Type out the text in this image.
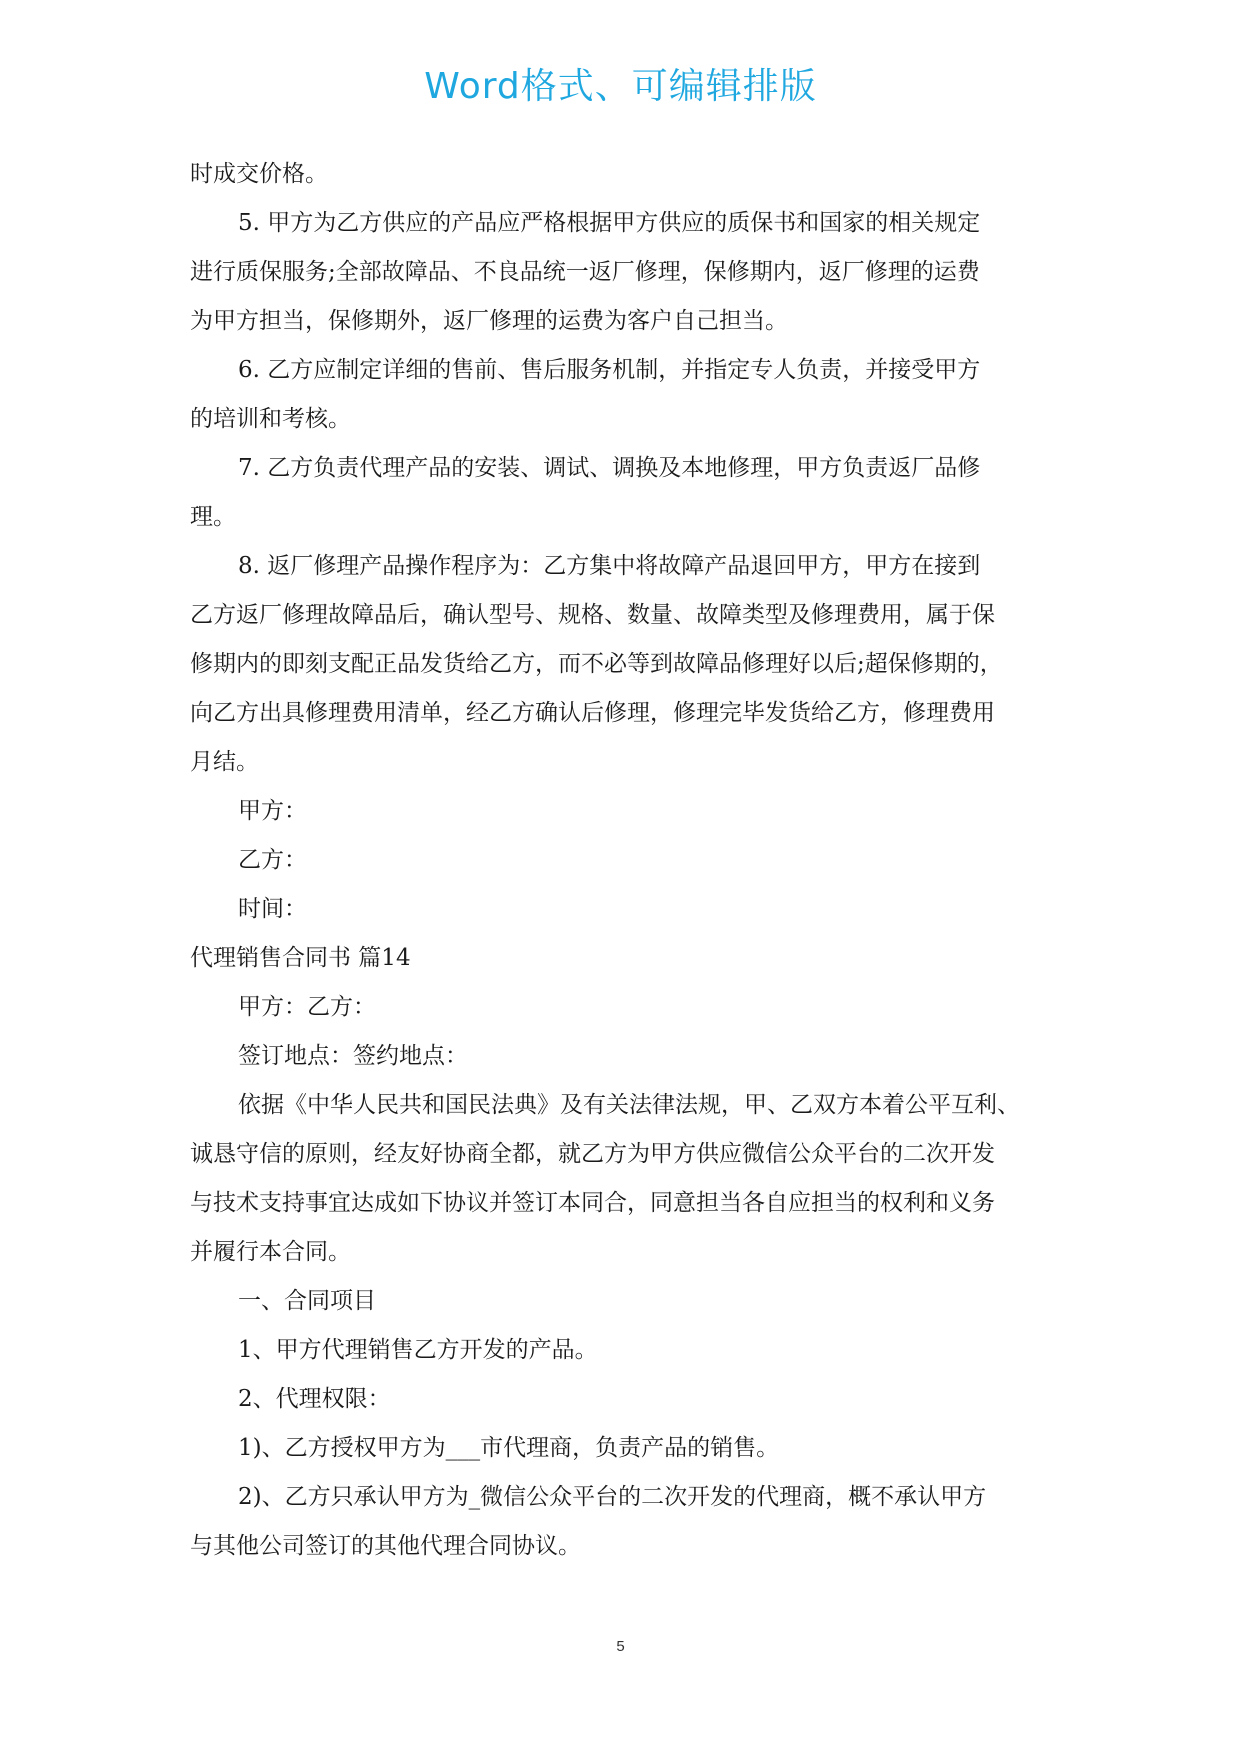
Word格式、可编辑排版
时成交价格。
5. 甲方为乙方供应的产品应严格根据甲方供应的质保书和国家的相关规定
进行质保服务;全部故障品、不良品统一返厂修理，保修期内，返厂修理的运费
为甲方担当，保修期外，返厂修理的运费为客户自己担当。
6. 乙方应制定详细的售前、售后服务机制，并指定专人负责，并接受甲方
的培训和考核。
7. 乙方负责代理产品的安装、调试、调换及本地修理，甲方负责返厂品修
理。
8. 返厂修理产品操作程序为：乙方集中将故障产品退回甲方，甲方在接到
乙方返厂修理故障品后，确认型号、规格、数量、故障类型及修理费用，属于保
修期内的即刻支配正品发货给乙方，而不必等到故障品修理好以后;超保修期的，
向乙方出具修理费用清单，经乙方确认后修理，修理完毕发货给乙方，修理费用
月结。
甲方：
乙方：
时间：
代理销售合同书 篇14
甲方：乙方：
签订地点：签约地点：
依据《中华人民共和国民法典》及有关法律法规，甲、乙双方本着公平互利、
诚恳守信的原则，经友好协商全都，就乙方为甲方供应微信公众平台的二次开发
与技术支持事宜达成如下协议并签订本同合，同意担当各自应担当的权利和义务
并履行本合同。
一、合同项目
1、甲方代理销售乙方开发的产品。
2、代理权限：
1)、乙方授权甲方为___市代理商，负责产品的销售。
2)、乙方只承认甲方为_微信公众平台的二次开发的代理商，概不承认甲方
与其他公司签订的其他代理合同协议。
5
